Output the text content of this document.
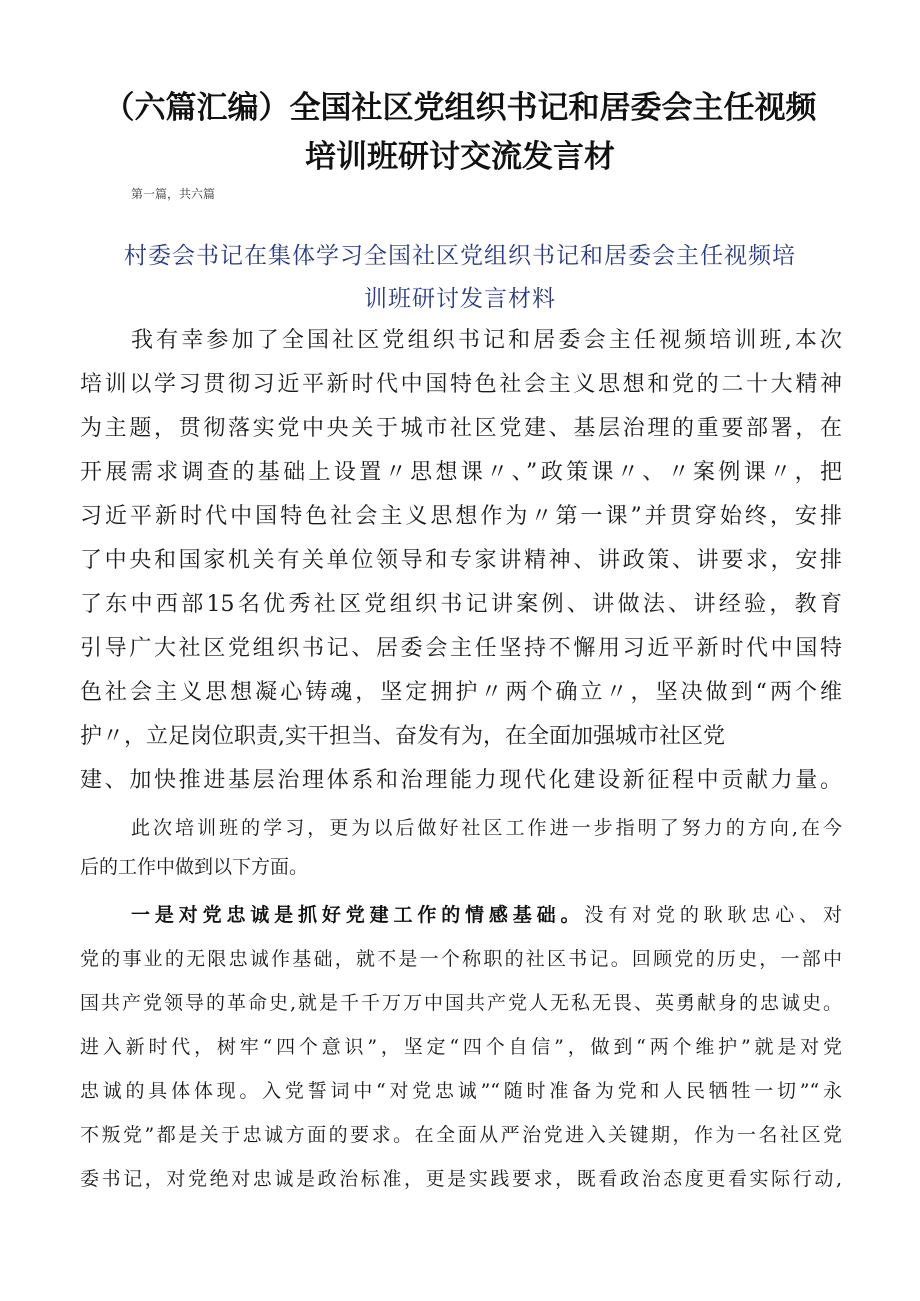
（六篇汇编）全国社区党组织书记和居委会主任视频
培训班研讨交流发言材
第一篇，共六篇
村委会书记在集体学习全国社区党组织书记和居委会主任视频培
训班研讨发言材料
我有幸参加了全国社区党组织书记和居委会主任视频培训班,本次
培训以学习贯彻习近平新时代中国特色社会主义思想和党的二十大精神
为主题，贯彻落实党中央关于城市社区党建、基层治理的重要部署，在
开展需求调查的基础上设置〃思想课〃、”政策课〃、〃案例课〃，把
习近平新时代中国特色社会主义思想作为〃第一课”并贯穿始终，安排
了中央和国家机关有关单位领导和专家讲精神、讲政策、讲要求，安排
了东中西部15名优秀社区党组织书记讲案例、讲做法、讲经验，教育
引导广大社区党组织书记、居委会主任坚持不懈用习近平新时代中国特
色社会主义思想凝心铸魂，坚定拥护〃两个确立〃，坚决做到“两个维
护〃，立足岗位职责,实干担当、奋发有为，在全面加强城市社区党
建、加快推进基层治理体系和治理能力现代化建设新征程中贡献力量。
此次培训班的学习，更为以后做好社区工作进一步指明了努力的方向,在今
后的工作中做到以下方面。
一是对党忠诚是抓好党建工作的情感基础。没有对党的耿耿忠心、对
党的事业的无限忠诚作基础，就不是一个称职的社区书记。回顾党的历史，一部中
国共产党领导的革命史,就是千千万万中国共产党人无私无畏、英勇献身的忠诚史。
进入新时代，树牢“四个意识”，坚定“四个自信”，做到“两个维护”就是对党
忠诚的具体体现。入党誓词中“对党忠诚”“随时准备为党和人民牺牲一切”“永
不叛党”都是关于忠诚方面的要求。在全面从严治党进入关键期，作为一名社区党
委书记，对党绝对忠诚是政治标准，更是实践要求，既看政治态度更看实际行动,
